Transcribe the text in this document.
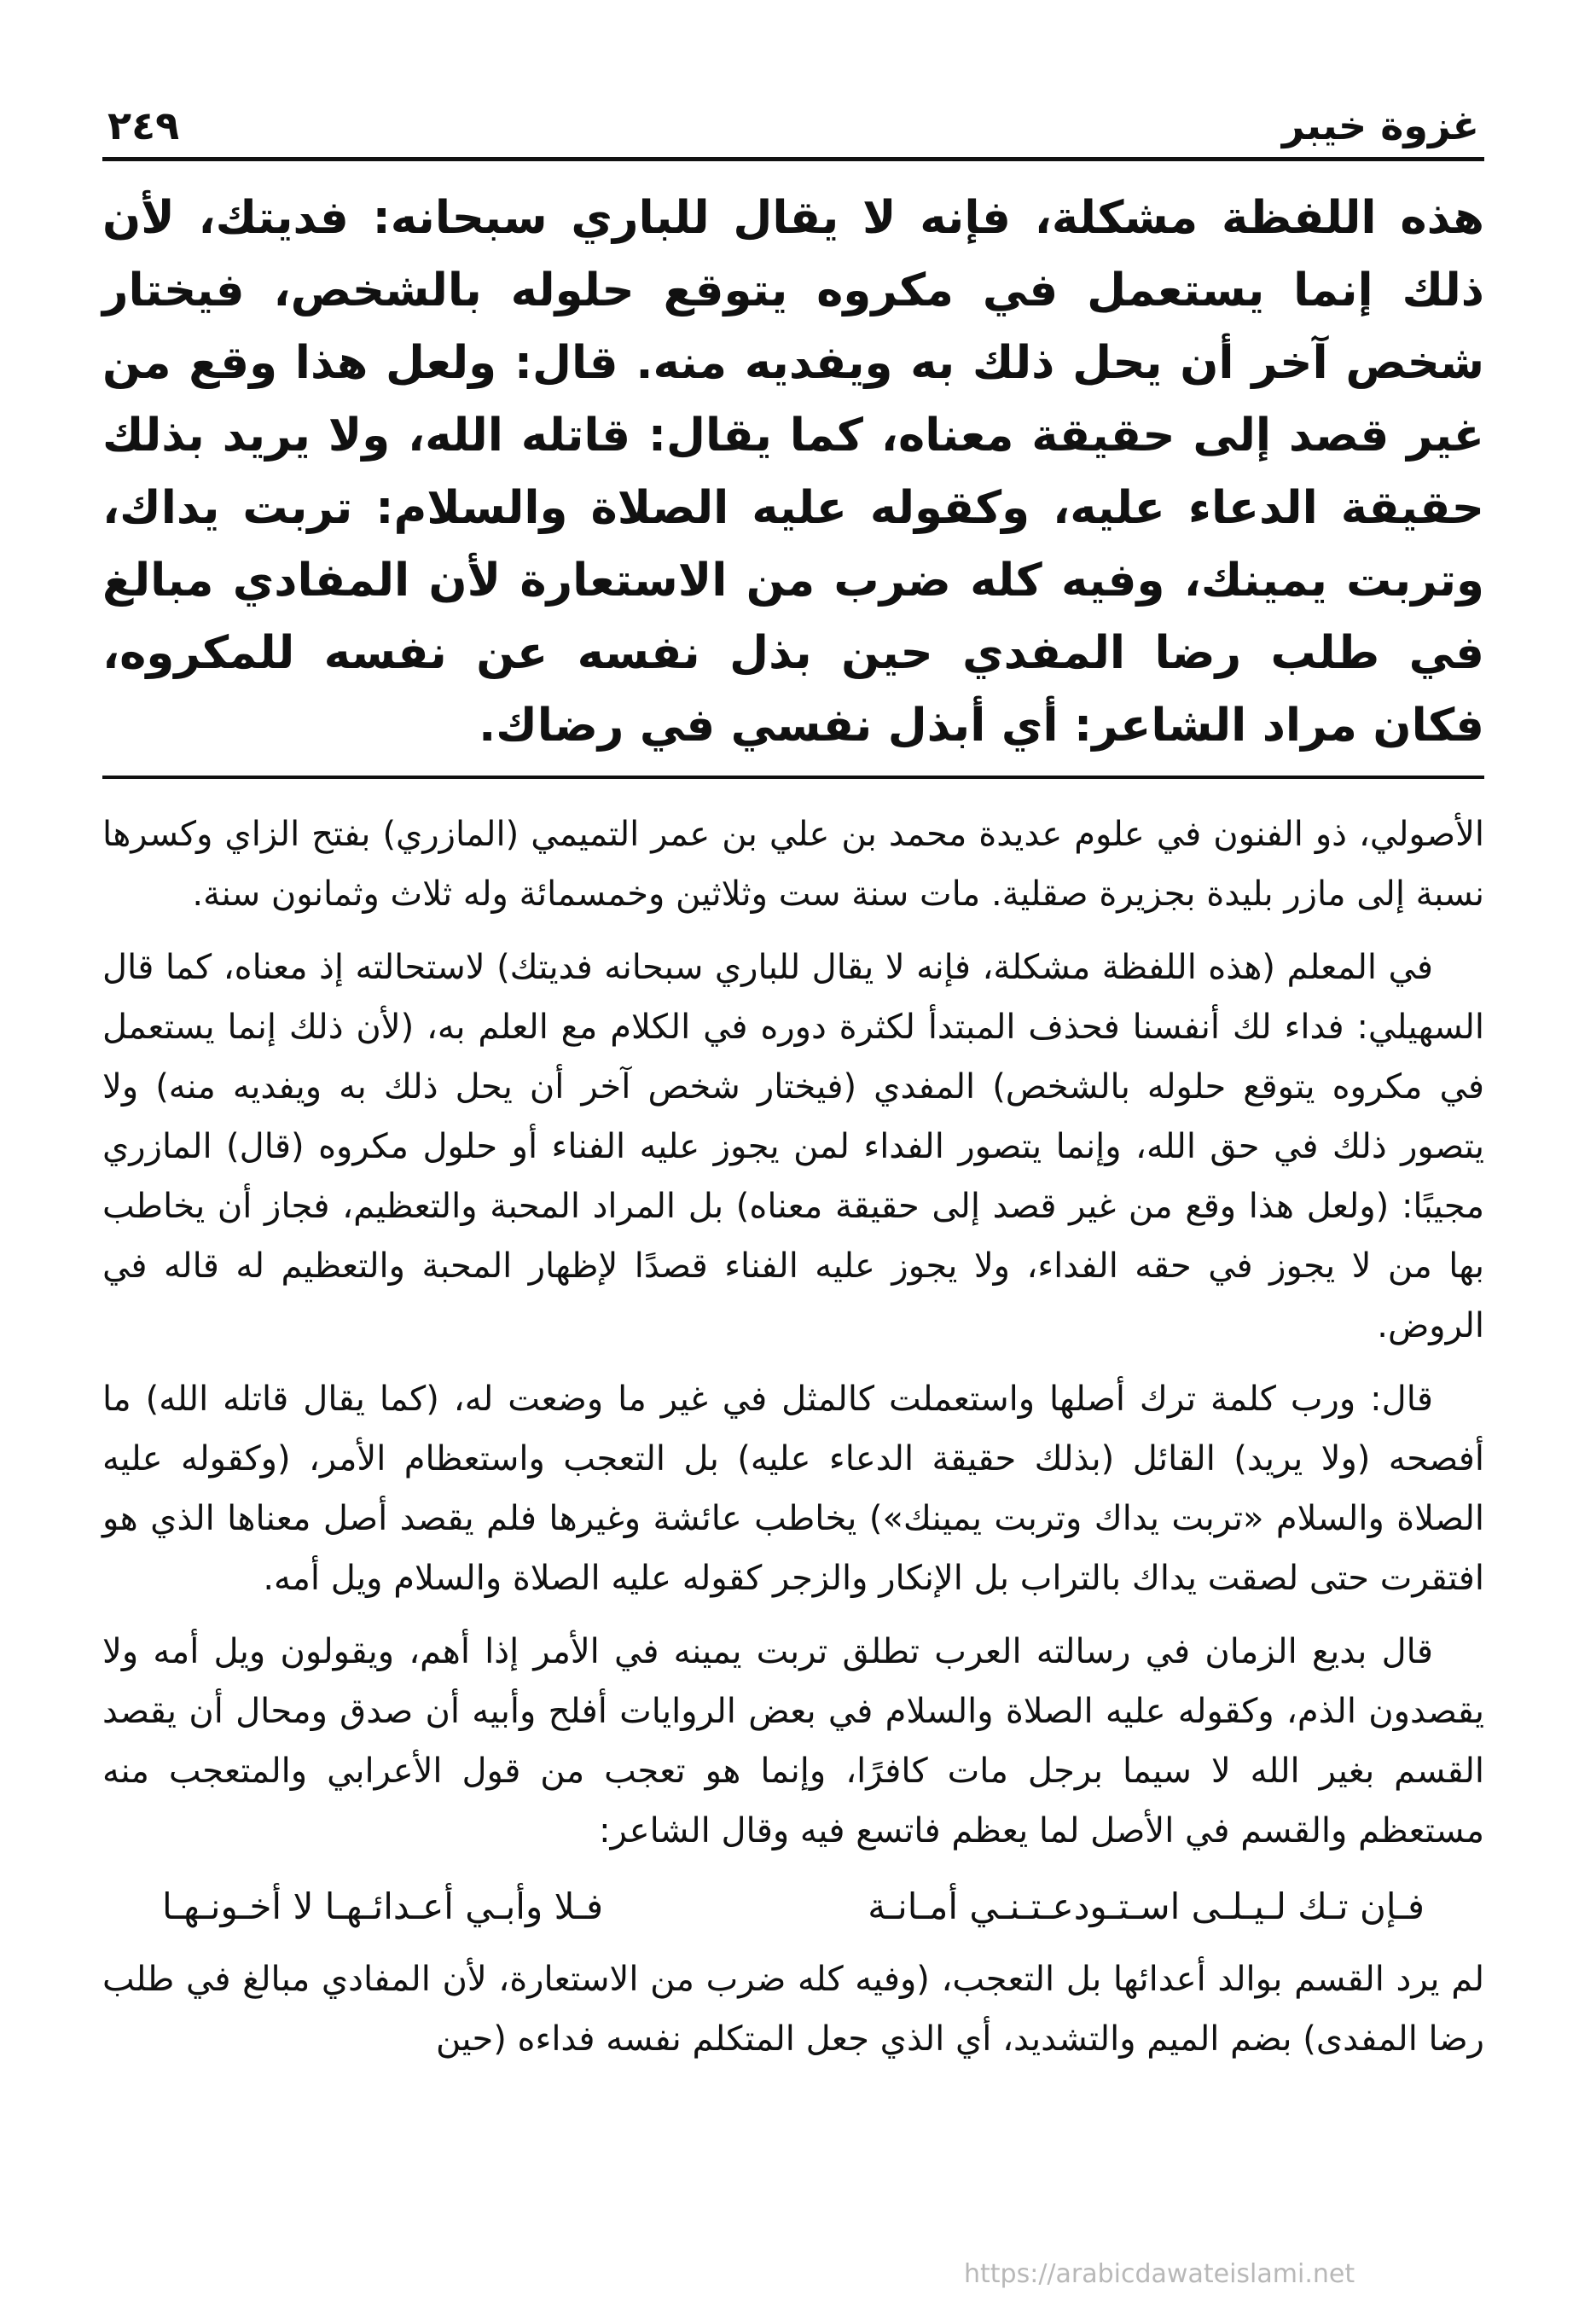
غزوة خيبر
٢٤٩

هذه اللفظة مشكلة، فإنه لا يقال للباري سبحانه: فديتك، لأن ذلك إنما يستعمل في مكروه يتوقع حلوله بالشخص، فيختار شخص آخر أن يحل ذلك به ويفديه منه. قال: ولعل هذا وقع من غير قصد إلى حقيقة معناه، كما يقال: قاتله الله، ولا يريد بذلك حقيقة الدعاء عليه، وكقوله عليه الصلاة والسلام: تربت يداك، وتربت يمينك، وفيه كله ضرب من الاستعارة لأن المفادي مبالغ في طلب رضا المفدي حين بذل نفسه عن نفسه للمكروه، فكان مراد الشاعر: أي أبذل نفسي في رضاك.

الأصولي، ذو الفنون في علوم عديدة محمد بن علي بن عمر التميمي (المازري) بفتح الزاي وكسرها نسبة إلى مازر بليدة بجزيرة صقلية. مات سنة ست وثلاثين وخمسمائة وله ثلاث وثمانون سنة.

في المعلم (هذه اللفظة مشكلة، فإنه لا يقال للباري سبحانه فديتك) لاستحالته إذ معناه، كما قال السهيلي: فداء لك أنفسنا فحذف المبتدأ لكثرة دوره في الكلام مع العلم به، (لأن ذلك إنما يستعمل في مكروه يتوقع حلوله بالشخص) المفدي (فيختار شخص آخر أن يحل ذلك به ويفديه منه) ولا يتصور ذلك في حق الله، وإنما يتصور الفداء لمن يجوز عليه الفناء أو حلول مكروه (قال) المازري مجيبًا: (ولعل هذا وقع من غير قصد إلى حقيقة معناه) بل المراد المحبة والتعظيم، فجاز أن يخاطب بها من لا يجوز في حقه الفداء، ولا يجوز عليه الفناء قصدًا لإظهار المحبة والتعظيم له قاله في الروض.

قال: ورب كلمة ترك أصلها واستعملت كالمثل في غير ما وضعت له، (كما يقال قاتله الله) ما أفصحه (ولا يريد) القائل (بذلك حقيقة الدعاء عليه) بل التعجب واستعظام الأمر، (وكقوله عليه الصلاة والسلام «تربت يداك وتربت يمينك») يخاطب عائشة وغيرها فلم يقصد أصل معناها الذي هو افتقرت حتى لصقت يداك بالتراب بل الإنكار والزجر كقوله عليه الصلاة والسلام ويل أمه.

قال بديع الزمان في رسالته العرب تطلق تربت يمينه في الأمر إذا أهم، ويقولون ويل أمه ولا يقصدون الذم، وكقوله عليه الصلاة والسلام في بعض الروايات أفلح وأبيه أن صدق ومحال أن يقصد القسم بغير الله لا سيما برجل مات كافرًا، وإنما هو تعجب من قول الأعرابي والمتعجب منه مستعظم والقسم في الأصل لما يعظم فاتسع فيه وقال الشاعر:

فـإن تـك لـيـلـى اسـتـودعـتـنـي أمـانـة
فـلا وأبـي أعـدائـهـا لا أخـونـهـا

لم يرد القسم بوالد أعدائها بل التعجب، (وفيه كله ضرب من الاستعارة، لأن المفادي مبالغ في طلب رضا المفدى) بضم الميم والتشديد، أي الذي جعل المتكلم نفسه فداءه (حين

https://arabicdawateislami.net
